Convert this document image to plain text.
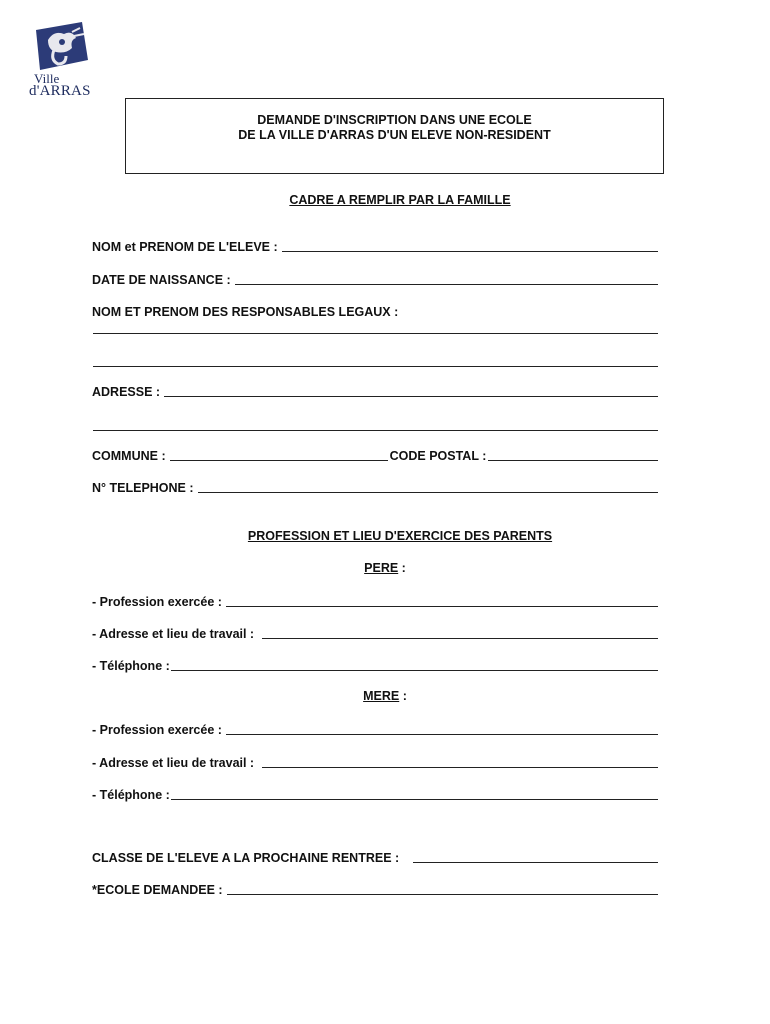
Ville
d'ARRAS
DEMANDE D'INSCRIPTION DANS UNE ECOLE
DE LA VILLE D'ARRAS D'UN ELEVE NON-RESIDENT
CADRE A REMPLIR PAR LA FAMILLE
NOM et PRENOM DE L'ELEVE :
DATE DE NAISSANCE :
NOM ET PRENOM DES RESPONSABLES LEGAUX :
ADRESSE :
COMMUNE :	CODE POSTAL :
N° TELEPHONE :
PROFESSION ET LIEU D'EXERCICE DES PARENTS
PERE :
- Profession exercée :
- Adresse et lieu de travail :
- Téléphone :
MERE :
- Profession exercée :
- Adresse et lieu de travail :
- Téléphone :
CLASSE DE L'ELEVE A LA PROCHAINE RENTREE :
*ECOLE DEMANDEE :
